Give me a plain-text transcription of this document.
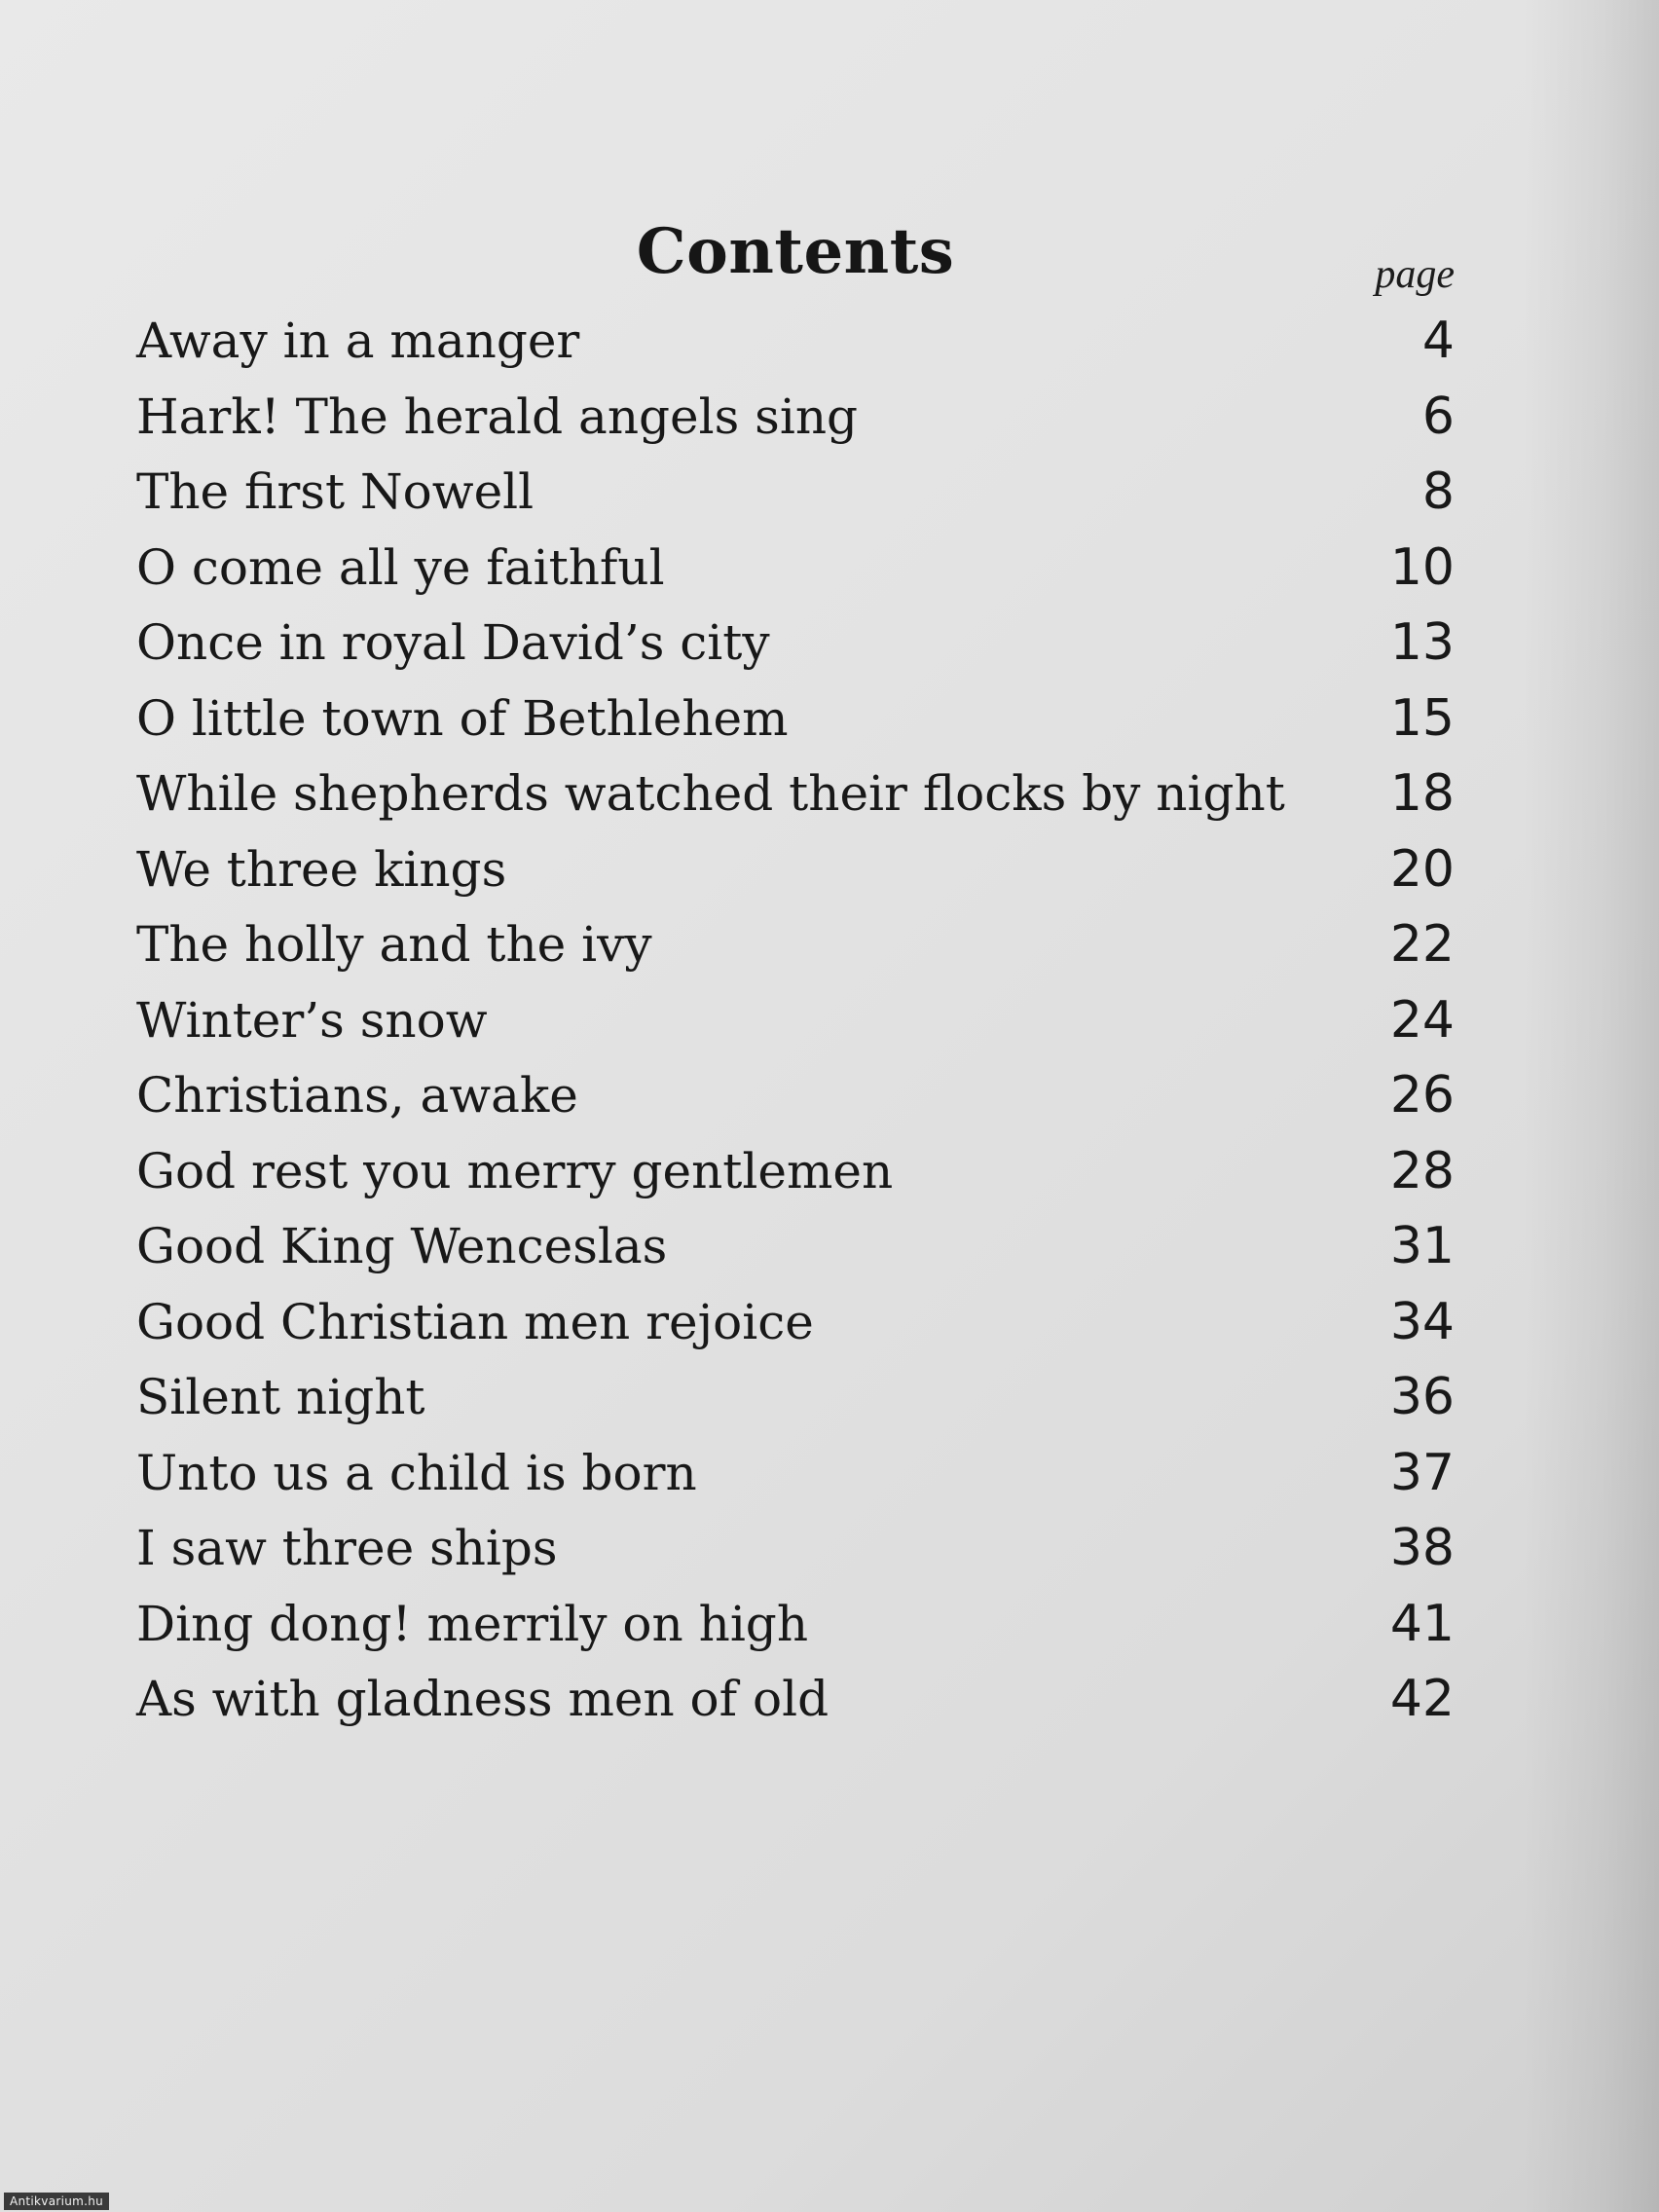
Contents	page
Away in a manger	4
Hark! The herald angels sing	6
The first Nowell	8
O come all ye faithful	10
Once in royal David’s city	13
O little town of Bethlehem	15
While shepherds watched their flocks by night	18
We three kings	20
The holly and the ivy	22
Winter’s snow	24
Christians, awake	26
God rest you merry gentlemen	28
Good King Wenceslas	31
Good Christian men rejoice	34
Silent night	36
Unto us a child is born	37
I saw three ships	38
Ding dong! merrily on high	41
As with gladness men of old	42
Antikvarium.hu
